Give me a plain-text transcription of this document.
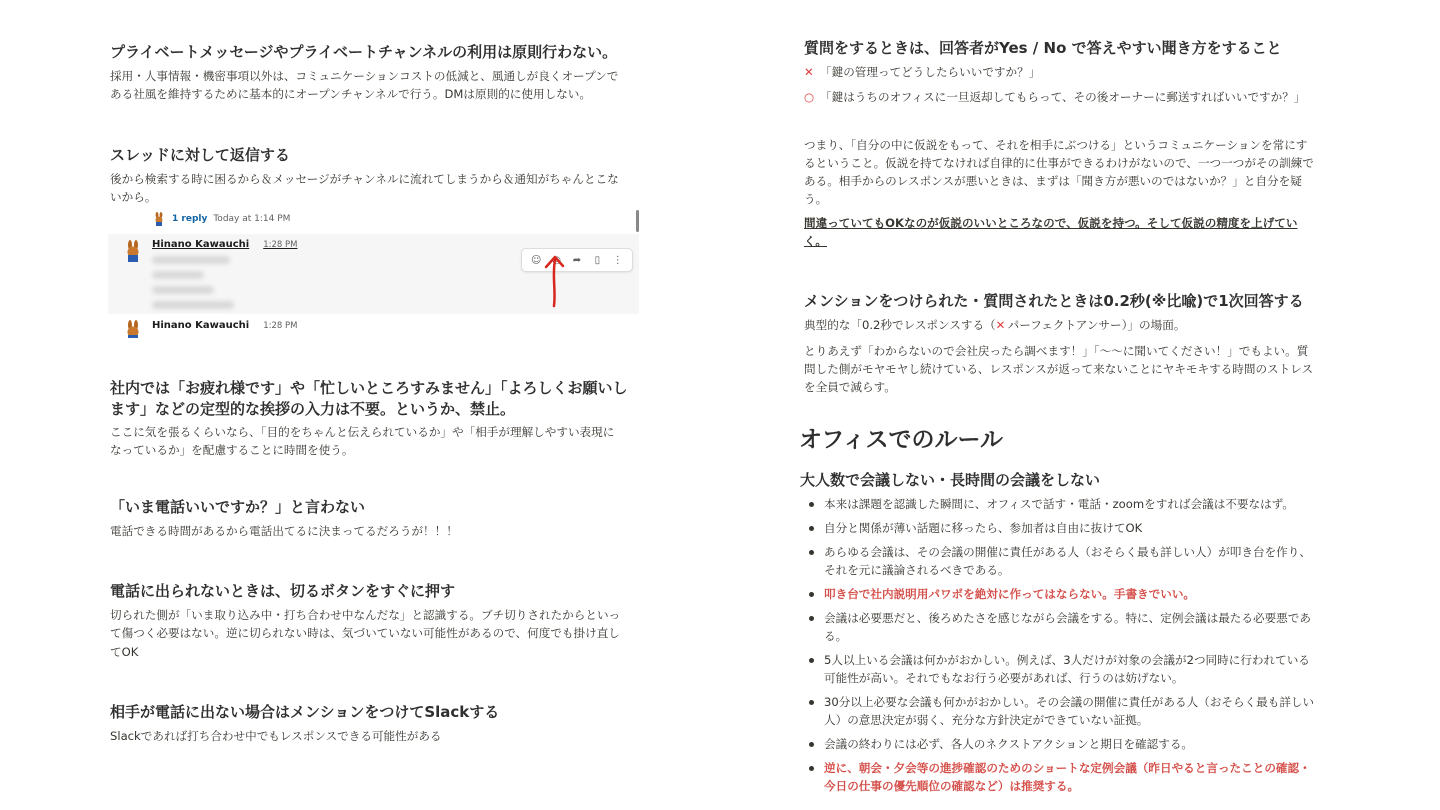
プライベートメッセージやプライベートチャンネルの利用は原則行わない。
採用・人事情報・機密事項以外は、コミュニケーションコストの低減と、風通しが良くオープンで
ある社風を維持するために基本的にオープンチャンネルで行う。DMは原則的に使用しない。
スレッドに対して返信する
後から検索する時に困るから＆メッセージがチャンネルに流れてしまうから＆通知がちゃんとこな
いから。
1 reply Today at 1:14 PM
Hinano Kawauchi 1:28 PM
☺	◎	➦	▯	⋮
Hinano Kawauchi 1:28 PM
社内では「お疲れ様です」や「忙しいところすみません」「よろしくお願いし
ます」などの定型的な挨拶の入力は不要。というか、禁止。
ここに気を張るくらいなら、「目的をちゃんと伝えられているか」や「相手が理解しやすい表現に
なっているか」を配慮することに時間を使う。
「いま電話いいですか？」と言わない
電話できる時間があるから電話出てるに決まってるだろうが！！！
電話に出られないときは、切るボタンをすぐに押す
切られた側が「いま取り込み中・打ち合わせ中なんだな」と認識する。ブチ切りされたからといっ
て傷つく必要はない。逆に切られない時は、気づいていない可能性があるので、何度でも掛け直し
てOK
相手が電話に出ない場合はメンションをつけてSlackする
Slackであれば打ち合わせ中でもレスポンスできる可能性がある
質問をするときは、回答者がYes / No で答えやすい聞き方をすること
✕ 「鍵の管理ってどうしたらいいですか？」
○ 「鍵はうちのオフィスに一旦返却してもらって、その後オーナーに郵送すればいいですか？」
つまり、「自分の中に仮説をもって、それを相手にぶつける」というコミュニケーションを常にす
るということ。仮説を持てなければ自律的に仕事ができるわけがないので、一つ一つがその訓練で
ある。相手からのレスポンスが悪いときは、まずは「聞き方が悪いのではないか？」と自分を疑
う。
間違っていてもOKなのが仮説のいいところなので、仮説を持つ。そして仮説の精度を上げてい
く。
メンションをつけられた・質問されたときは0.2秒(※比喩)で1次回答する
典型的な「0.2秒でレスポンスする（✕ パーフェクトアンサー）」の場面。
とりあえず「わからないので会社戻ったら調べます！」「〜〜に聞いてください！」でもよい。質
問した側がモヤモヤし続けている、レスポンスが返って来ないことにヤキモキする時間のストレス
を全員で減らす。
オフィスでのルール
大人数で会議しない・長時間の会議をしない
本来は課題を認識した瞬間に、オフィスで話す・電話・zoomをすれば会議は不要なはず。
自分と関係が薄い話題に移ったら、参加者は自由に抜けてOK
あらゆる会議は、その会議の開催に責任がある人（おそらく最も詳しい人）が叩き台を作り、
それを元に議論されるべきである。
叩き台で社内説明用パワポを絶対に作ってはならない。手書きでいい。
会議は必要悪だと、後ろめたさを感じながら会議をする。特に、定例会議は最たる必要悪であ
る。
5人以上いる会議は何かがおかしい。例えば、3人だけが対象の会議が2つ同時に行われている
可能性が高い。それでもなお行う必要があれば、行うのは妨げない。
30分以上必要な会議も何かがおかしい。その会議の開催に責任がある人（おそらく最も詳しい
人）の意思決定が弱く、充分な方針決定ができていない証拠。
会議の終わりには必ず、各人のネクストアクションと期日を確認する。
逆に、朝会・夕会等の進捗確認のためのショートな定例会議（昨日やると言ったことの確認・
今日の仕事の優先順位の確認など）は推奨する。
